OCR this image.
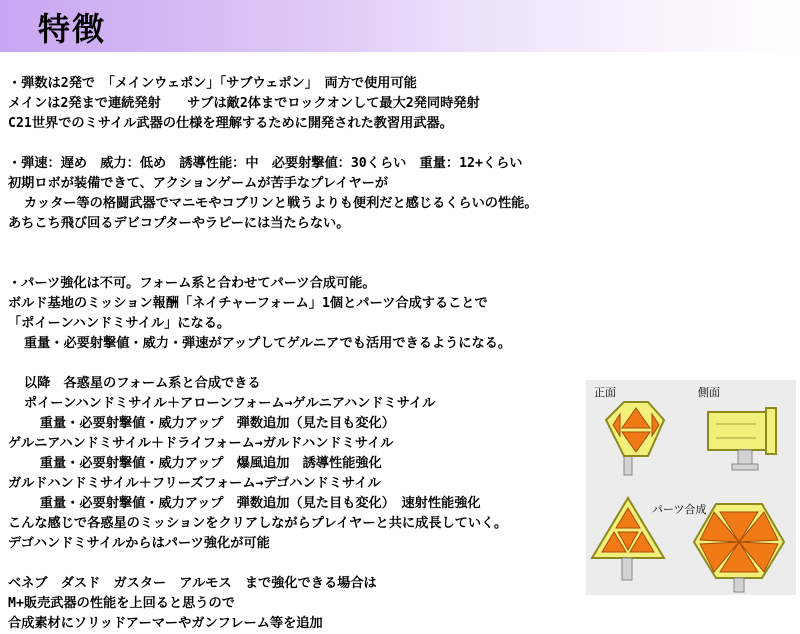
特徴
・弾数は2発で　「メインウェポン」「サブウェポン」　両方で使用可能
メインは2発まで連続発射　　サブは敵2体までロックオンして最大2発同時発射
C21世界でのミサイル武器の仕様を理解するために開発された教習用武器。
・弾速：遅め　威力：低め　誘導性能：中　必要射撃値：30くらい　重量：12+くらい
初期ロボが装備できて、アクションゲームが苦手なプレイヤーが
カッター等の格闘武器でマニモやコブリンと戦うよりも便利だと感じるくらいの性能。
あちこち飛び回るデビコプターやラピーには当たらない。
・パーツ強化は不可。フォーム系と合わせてパーツ合成可能。
ボルド基地のミッション報酬「ネイチャーフォーム」1個とパーツ合成することで
「ポイーンハンドミサイル」になる。
重量・必要射撃値・威力・弾速がアップしてゲルニアでも活用できるようになる。
以降　各惑星のフォーム系と合成できる
ポイーンハンドミサイル＋アローンフォーム→ゲルニアハンドミサイル
重量・必要射撃値・威力アップ　弾数追加（見た目も変化）
ゲルニアハンドミサイル＋ドライフォーム→ガルドハンドミサイル
重量・必要射撃値・威力アップ　爆風追加　誘導性能強化
ガルドハンドミサイル＋フリーズフォーム→デゴハンドミサイル
重量・必要射撃値・威力アップ　弾数追加（見た目も変化）　速射性能強化
こんな感じで各惑星のミッションをクリアしながらプレイヤーと共に成長していく。
デゴハンドミサイルからはパーツ強化が可能
ベネブ　ダスド　ガスター　アルモス　まで強化できる場合は
M+販売武器の性能を上回ると思うので
合成素材にソリッドアーマーやガンフレーム等を追加
正面	側面
パーツ合成
